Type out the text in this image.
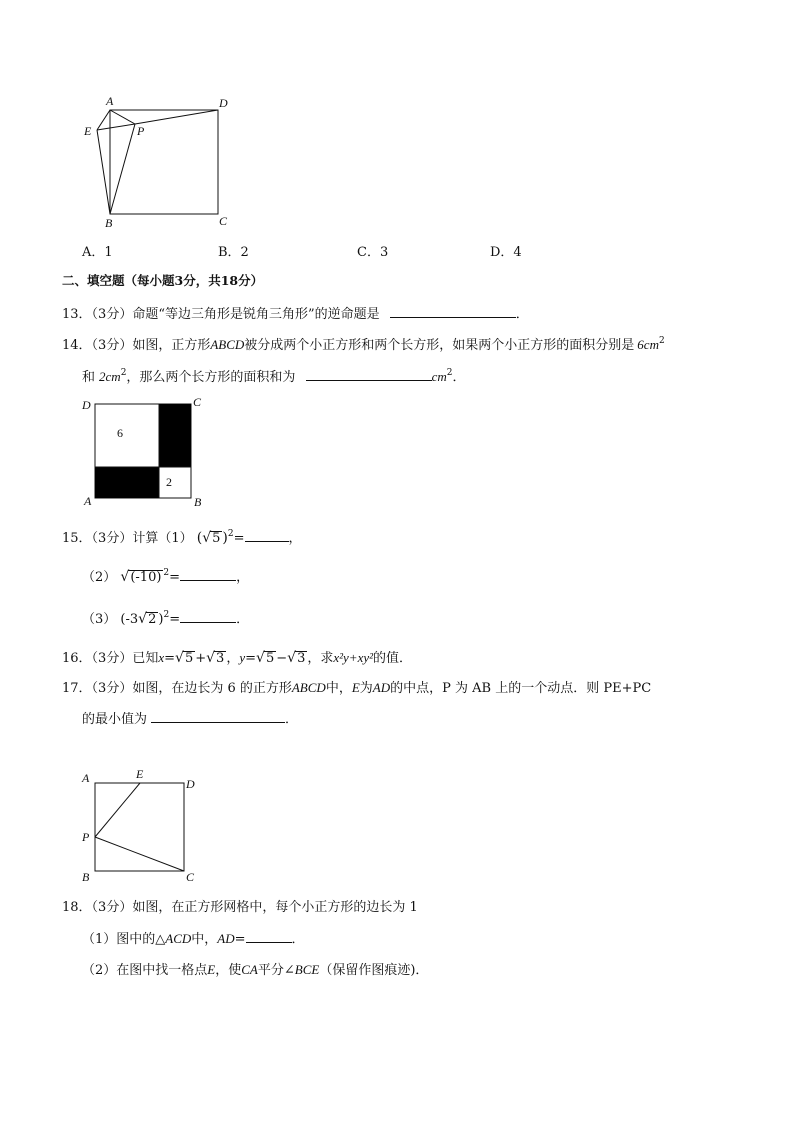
A	D
E	P
B	C
A．1	B．2	C．3	D．4
二、填空题（每小题3分，共18分）
13．（3分）命题“等边三角形是锐角三角形”的逆命题是	．
14．（3分）如图，正方形ABCD被分成两个小正方形和两个长方形，如果两个小正方形的面积分别是 $6cm^2$
和 $2cm^2$，那么两个长方形的面积和为	$cm^2$．
6
2
D	C
A	B
15．（3分）计算（1） (√5 )$^2$=	，
（2） √(-10) $^2$=	，
（3） (-3√2 )$^2$=	．
16．（3分）已知x=√5 +√3 ，y=√5 −√3 ，求x²y+xy²的值．
17．（3分）如图，在边长为 6 的正方形ABCD中，E为AD的中点，P 为 AB 上的一个动点．则 PE+PC
的最小值为	．
A	E
D
P
B	C
18．（3分）如图，在正方形网格中，每个小正方形的边长为 1
（1）图中的△ACD中，AD=	．
（2）在图中找一格点E，使CA平分∠BCE（保留作图痕迹)．
